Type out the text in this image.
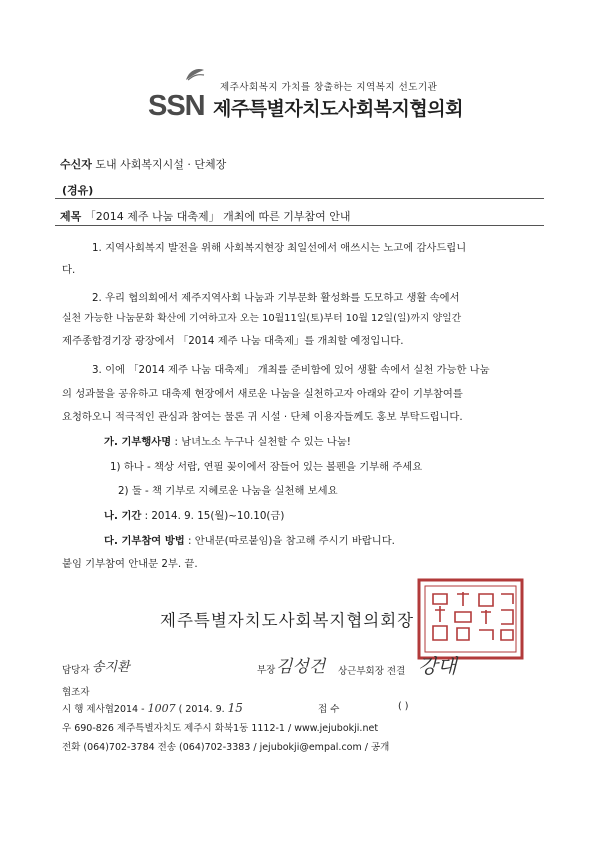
제주사회복지 가치를 창출하는 지역복지 선도기관
SSN 제주특별자치도사회복지협의회
수신자 도내 사회복지시설 · 단체장
(경유)
제목 「2014 제주 나눔 대축제」 개최에 따른 기부참여 안내
1. 지역사회복지 발전을 위해 사회복지현장 최일선에서 애쓰시는 노고에 감사드립니
다.
2. 우리 협의회에서 제주지역사회 나눔과 기부문화 활성화를 도모하고 생활 속에서
실천 가능한 나눔문화 확산에 기여하고자 오는 10월11일(토)부터 10월 12일(일)까지 양일간
제주종합경기장 광장에서 「2014 제주 나눔 대축제」를 개최할 예정입니다.
3. 이에 「2014 제주 나눔 대축제」 개최를 준비함에 있어 생활 속에서 실천 가능한 나눔
의 성과물을 공유하고 대축제 현장에서 새로운 나눔을 실천하고자 아래와 같이 기부참여를
요청하오니 적극적인 관심과 참여는 물론 귀 시설 · 단체 이용자들께도 홍보 부탁드립니다.
가. 기부행사명 : 남녀노소 누구나 실천할 수 있는 나눔!
1) 하나 - 책상 서랍, 연필 꽂이에서 잠들어 있는 볼펜을 기부해 주세요
2) 둘 - 책 기부로 지혜로운 나눔을 실천해 보세요
나. 기간 : 2014. 9. 15(월)~10.10(금)
다. 기부참여 방법 : 안내문(따로붙임)을 참고해 주시기 바랍니다.
붙임 기부참여 안내문 2부. 끝.
제주특별자치도사회복지협의회장
담당자 송지환	부장 김성건 상근부회장 전결 강대
협조자
시 행 제사협2014 - 1007 ( 2014. 9. 15	접 수	( )
우 690-826 제주특별자치도 제주시 화북1동 1112-1 / www.jejubokji.net
전화 (064)702-3784 전송 (064)702-3383 / jejubokji@empal.com / 공개
